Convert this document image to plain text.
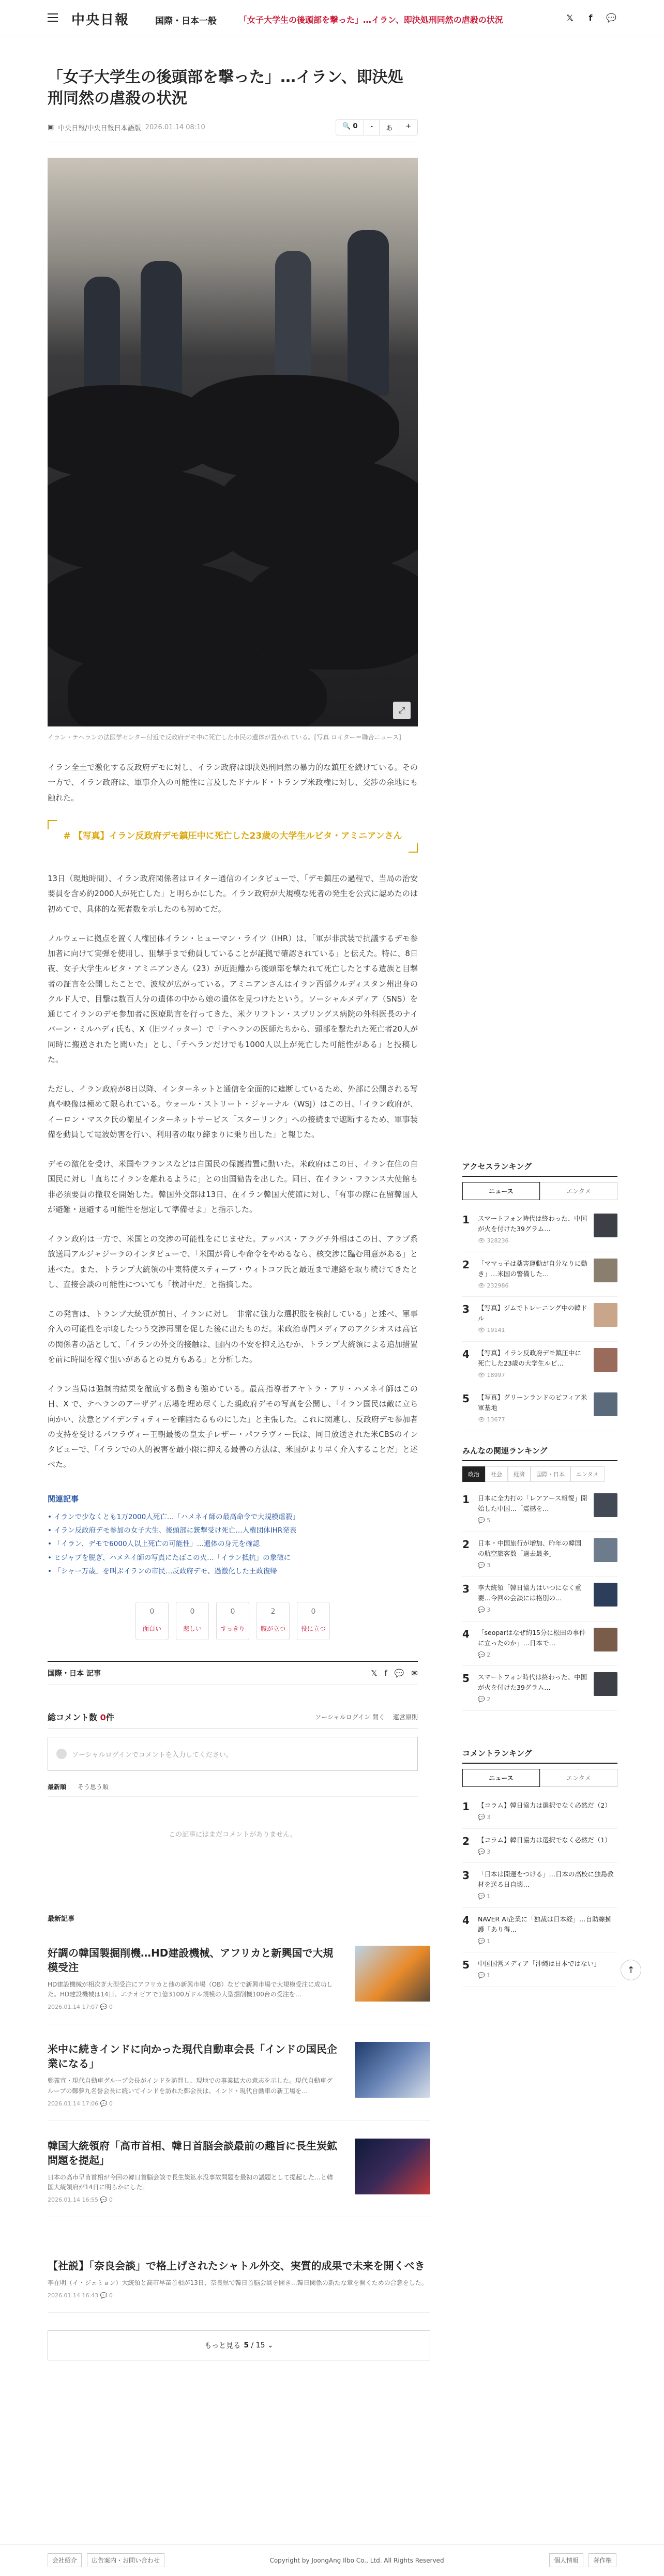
中央日報	国際・日本一般	「女子大学生の後頭部を撃った」…イラン、即決処刑同然の虐殺の状況	𝕏	f	💬
「女子大学生の後頭部を撃った」…イラン、即決処刑同然の虐殺の状況
▣ 中央日報/中央日報日本語版 2026.01.14 08:10	🔍 0	-	あ	+
⤢
イラン・テヘランの法医学センター付近で反政府デモ中に死亡した市民の遺体が置かれている。[写真 ロイター＝聯合ニュース]

イラン全土で激化する反政府デモに対し、イラン政府は即決処刑同然の暴力的な鎮圧を続けている。その一方で、イラン政府は、軍事介入の可能性に言及したドナルド・トランプ米政権に対し、交渉の余地にも触れた。

# 【写真】イラン反政府デモ鎮圧中に死亡した23歳の大学生ルビタ・アミニアンさん

13日（現地時間）、イラン政府関係者はロイター通信のインタビューで、「デモ鎮圧の過程で、当局の治安要員を含め約2000人が死亡した」と明らかにした。イラン政府が大規模な死者の発生を公式に認めたのは初めてで、具体的な死者数を示したのも初めてだ。

ノルウェーに拠点を置く人権団体イラン・ヒューマン・ライツ（IHR）は、「軍が非武装で抗議するデモ参加者に向けて実弾を使用し、狙撃手まで動員していることが証拠で確認されている」と伝えた。特に、8日夜、女子大学生ルビタ・アミニアンさん（23）が近距離から後頭部を撃たれて死亡したとする遺族と目撃者の証言を公開したことで、波紋が広がっている。アミニアンさんはイラン西部クルディスタン州出身のクルド人で、目撃は数百人分の遺体の中から娘の遺体を見つけたという。ソーシャルメディア（SNS）を通じてイランのデモ参加者に医療助言を行ってきた、米クリフトン・スプリングス病院の外科医長のナイバーン・ミルハディ氏も、X（旧ツイッター）で「テヘランの医師たちから、頭部を撃たれた死亡者20人が同時に搬送されたと聞いた」とし、「テヘランだけでも1000人以上が死亡した可能性がある」と投稿した。

ただし、イラン政府が8日以降、インターネットと通信を全面的に遮断しているため、外部に公開される写真や映像は極めて限られている。ウォール・ストリート・ジャーナル（WSJ）はこの日、「イラン政府が、イーロン・マスク氏の衛星インターネットサービス「スターリンク」への接続まで遮断するため、軍事装備を動員して電波妨害を行い、利用者の取り締まりに乗り出した」と報じた。

デモの激化を受け、米国やフランスなどは自国民の保護措置に動いた。米政府はこの日、イラン在住の自国民に対し「直ちにイランを離れるように」との出国勧告を出した。同日、在イラン・フランス大使館も非必須要員の撤収を開始した。韓国外交部は13日、在イラン韓国大使館に対し、「有事の際に在留韓国人が避難・退避する可能性を想定して準備せよ」と指示した。

イラン政府は一方で、米国との交渉の可能性をにじませた。アッバス・アラグチ外相はこの日、アラブ系放送局アルジャジーラのインタビューで、「米国が脅しや命令をやめるなら、核交渉に臨む用意がある」と述べた。また、トランプ大統領の中東特使スティーブ・ウィトコフ氏と最近まで連絡を取り続けてきたとし、直接会談の可能性についても「検討中だ」と指摘した。

この発言は、トランプ大統領が前日、イランに対し「非常に強力な選択肢を検討している」と述べ、軍事介入の可能性を示唆したつう交渉再開を促した後に出たものだ。米政治専門メディアのアクシオスは高官の関係者の話として、「イランの外交的接触は、国内の不安を抑え込むか、トランプ大統領による追加措置を前に時間を稼ぐ狙いがあるとの見方もある」と分析した。

イラン当局は強制的結果を徹底する動きも強めている。最高指導者アヤトラ・アリ・ハメネイ師はこの日、X で、テヘランのアーザディ広場を埋め尽くした親政府デモの写真を公開し、「イラン国民は敵に立ち向かい、決意とアイデンティティーを確固たるものにした」と主張した。これに関連し、反政府デモ参加者の支持を受けるパフラヴィー王朝最後の皇太子レザー・パフラヴィー氏は、同日放送された米CBSのインタビューで、「イランでの人的被害を最小限に抑える最善の方法は、米国がより早く介入することだ」と述べた。

関連記事
• イランで少なくとも1万2000人死亡…「ハメネイ師の最高命令で大規模虐殺」
• イラン反政府デモ参加の女子大生、後頭部に銃撃受け死亡…人権団体IHR発表
• 「イラン、デモで6000人以上死亡の可能性」…遺体の身元を確認
• ヒジャブを脱ぎ、ハメネイ師の写真にたばこの火…「イラン抵抗」の象徴に
• 「シャー万歳」を叫ぶイランの市民…反政府デモ、過激化した王政復帰
0
面白い
0
悲しい
0
すっきり
2
腹が立つ
0
役に立つ
国際・日本 記事	𝕏 f 💬 ✉
総コメント数 0件	ソーシャルログイン 開く 運営原則
ソーシャルログインでコメントを入力してください。
最新順 そう思う順
この記事にはまだコメントがありません。
最新記事
好調の韓国製掘削機…HD建設機械、アフリカと新興国で大規模受注

HD建設機械が相次ぎ大型受注にアフリカと他の新興市場（OB）などで新興市場で大規模受注に成功した。HD建設機械は14日、エチオピアで1億3100万ドル規模の大型掘削機100台の受注を…

2026.01.14 17:07 💬 0
米中に続きインドに向かった現代自動車会長「インドの国民企業になる」

鄭義宣・現代自動車グループ会長がインドを訪問し、現地での事業拡大の意志を示した。現代自動車グループの鄭夢九名誉会長に続いてインドを訪れた鄭会長は、インド・現代自動車の新工場を…

2026.01.14 17:06 💬 0
韓国大統領府「高市首相、韓日首脳会談最前の趣旨に長生炭鉱問題を提起」

日本の高市早苗首相が今回の韓日首脳会談で長生炭鉱水没事故問題を最初の議題として提起した…と韓国大統領府が14日に明らかにした。

2026.01.14 16:55 💬 0
【社説】「奈良会談」で格上げされたシャトル外交、実質的成果で未来を開くべき

李在明（イ・ジェミョン）大統領と高市早苗首相が13日、奈良県で韓日首脳会談を開き…韓日関係の新たな章を開くための合意をした。

2026.01.14 16:43 💬 0
もっと見る 5
/ 15 ⌄
アクセスランキング
ニュース	エンタメ
1	スマートフォン時代は終わった、中国が火を付けた39グラム…
👁 328236
2	「ママっ子は薬害運動が自分なりに動き」…米国の警備した…
👁 232986
3	【写真】ジムでトレーニング中の韓ドル
👁 19141
4	【写真】イラン反政府デモ鎮圧中に死亡した23歳の大学生ルビ…
👁 18997
5	【写真】グリーンランドのピフィア米軍基地
👁 13677
みんなの関連ランキング
政治	社会	経済	国際・日本	エンタメ
1	日本に全力打の「レアアース報復」開始した中国…「震撼を…
💬 5
2	日本・中国旅行が増加、昨年の韓国の航空旅客数「過去最多」
💬 3
3	李大統領「韓日協力はいつになく重要…今回の会談には格別の…
💬 3
4	「seoparはなぜ約15分に松田の事件に立ったのか」…日本で…
💬 2
5	スマートフォン時代は終わった、中国が火を付けた39グラム…
💬 2
コメントランキング
ニュース	エンタメ
1	【コラム】韓日協力は選択でなく必然だ（2）
💬 3
2	【コラム】韓日協力は選択でなく必然だ（1）
💬 3
3	「日本は開運をつける」…日本の高校に独島教材を送る日自壊…
💬 1
4	NAVER AI企業に「独裁は日本経」…自助線擁護「あり得…
💬 1
5	中国国営メディア「沖縄は日本ではない」
💬 1
↑
会社紹介	広告案内・お問い合わせ	Copyright by JoongAng Ilbo Co., Ltd. All Rights Reserved	個人情報	著作権
